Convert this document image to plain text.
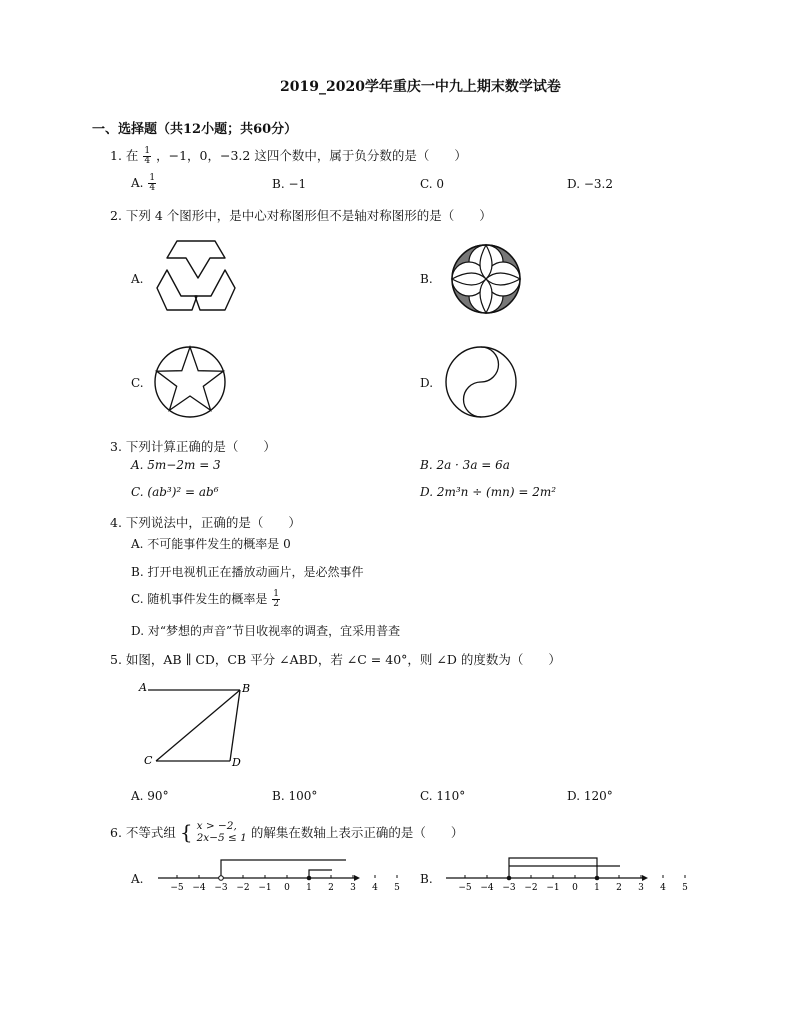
2019_2020学年重庆一中九上期末数学试卷
一、选择题（共12小题；共60分）
1. 在 $\frac{1}{4}$ ，−1，0，−3.2 这四个数中，属于负分数的是（　　）
A. $\frac{1}{4}$	B. −1	C. 0	D. −3.2
2. 下列 4 个图形中，是中心对称图形但不是轴对称图形的是（　　）
A.	B.
C.	D.
3. 下列计算正确的是（　　）
A. 5m−2m = 3	B. 2a · 3a = 6a
C. (ab³)² = ab⁶	D. 2m³n ÷ (mn) = 2m²
4. 下列说法中，正确的是（　　）
A. 不可能事件发生的概率是 0
B. 打开电视机正在播放动画片，是必然事件
C. 随机事件发生的概率是 $\frac{1}{2}$
D. 对“梦想的声音”节目收视率的调查，宜采用普查
5. 如图，AB ∥ CD，CB 平分 ∠ABD，若 ∠C = 40°，则 ∠D 的度数为（　　）
A	B
C	D
A. 90°	B. 100°	C. 110°	D. 120°
6. 不等式组 { x > −2,
2x−5 ≤ 1 的解集在数轴上表示正确的是（　　）
A.	B.
−5 −4 −3 −2 −1 0 1 2 3 4 5	−5 −4 −3 −2 −1 0 1 2 3 4 5
